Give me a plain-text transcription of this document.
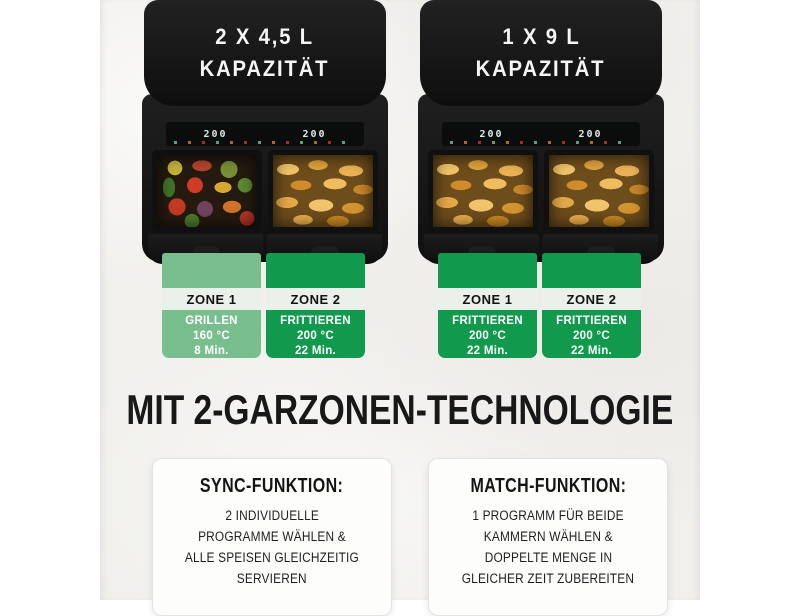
2 X 4,5 L
KAPAZITÄT
200	200
ZONE 1
GRILLEN
160 °C
8 Min.
ZONE 2
FRITTIEREN
200 °C
22 Min.
1 X 9 L
KAPAZITÄT
200	200
ZONE 1
FRITTIEREN
200 °C
22 Min.
ZONE 2
FRITTIEREN
200 °C
22 Min.
MIT 2-GARZONEN-TECHNOLOGIE
SYNC-FUNKTION:
2 INDIVIDUELLE
PROGRAMME WÄHLEN &
ALLE SPEISEN GLEICHZEITIG
SERVIEREN
MATCH-FUNKTION:
1 PROGRAMM FÜR BEIDE
KAMMERN WÄHLEN &
DOPPELTE MENGE IN
GLEICHER ZEIT ZUBEREITEN
